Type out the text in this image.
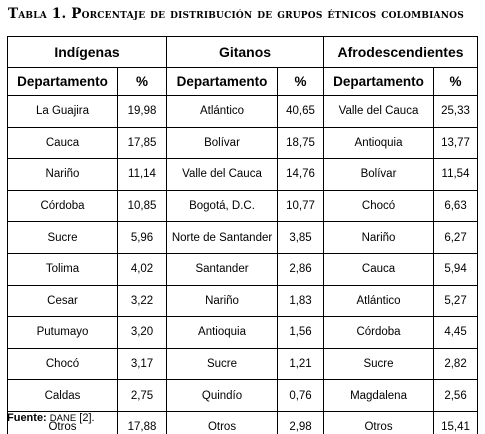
Tabla 1. Porcentaje de distribución de grupos étnicos colombianos
Indígenas		Gitanos		Afrodescendientes	
Departamento	%	Departamento	%	Departamento	%
La Guajira	19,98	Atlántico	40,65	Valle del Cauca	25,33
Cauca	17,85	Bolívar	18,75	Antioquia	13,77
Nariño	11,14	Valle del Cauca	14,76	Bolívar	11,54
Córdoba	10,85	Bogotá, D.C.	10,77	Chocó	6,63
Sucre	5,96	Norte de Santander	3,85	Nariño	6,27
Tolima	4,02	Santander	2,86	Cauca	5,94
Cesar	3,22	Nariño	1,83	Atlántico	5,27
Putumayo	3,20	Antioquia	1,56	Córdoba	4,45
Chocó	3,17	Sucre	1,21	Sucre	2,82
Caldas	2,75	Quindío	0,76	Magdalena	2,56
Otros	17,88	Otros	2,98	Otros	15,41
Fuente: DANE [2].
